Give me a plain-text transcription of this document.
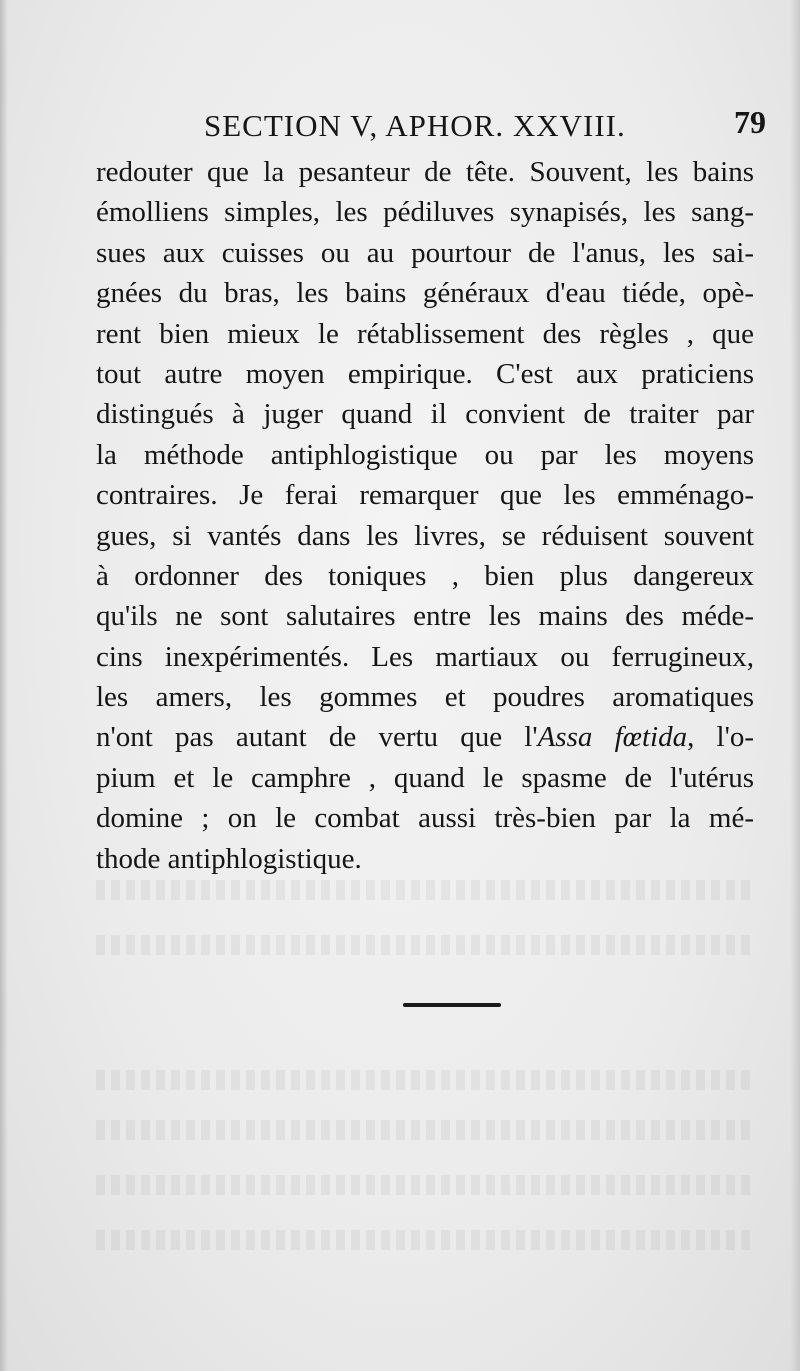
SECTION V, APHOR. XXVIII.	79
redouter que la pesanteur de tête. Souvent, les bains
émolliens simples, les pédiluves synapisés, les sang-
sues aux cuisses ou au pourtour de l'anus, les sai-
gnées du bras, les bains généraux d'eau tiéde, opè-
rent bien mieux le rétablissement des règles , que
tout autre moyen empirique. C'est aux praticiens
distingués à juger quand il convient de traiter par
la méthode antiphlogistique ou par les moyens
contraires. Je ferai remarquer que les emménago-
gues, si vantés dans les livres, se réduisent souvent
à ordonner des toniques , bien plus dangereux
qu'ils ne sont salutaires entre les mains des méde-
cins inexpérimentés. Les martiaux ou ferrugineux,
les amers, les gommes et poudres aromatiques
n'ont pas autant de vertu que l'Assa fœtida, l'o-
pium et le camphre , quand le spasme de l'utérus
domine ; on le combat aussi très-bien par la mé-
thode antiphlogistique.
